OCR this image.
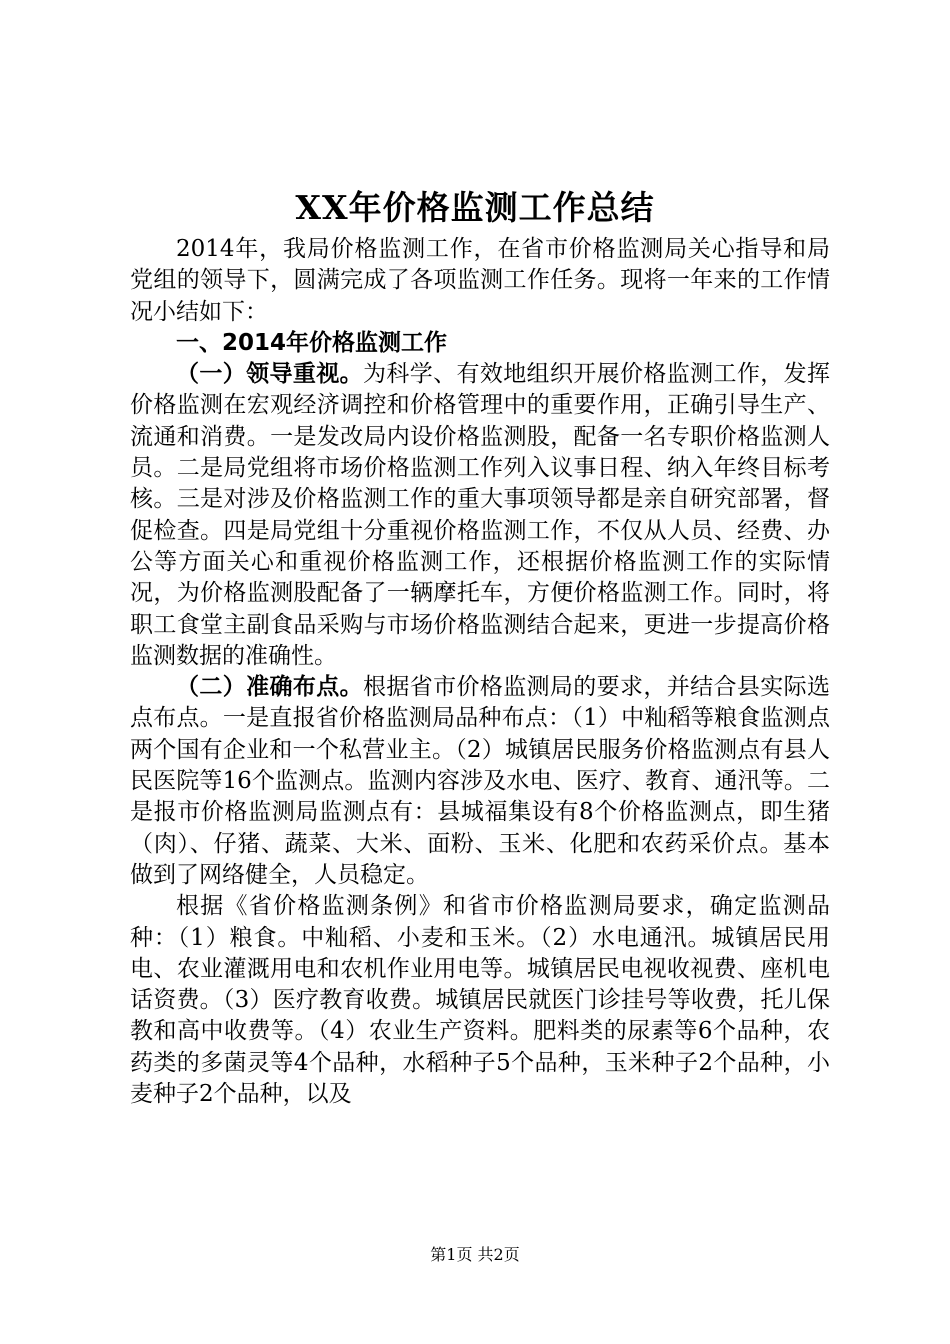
XX年价格监测工作总结

2014年，我局价格监测工作，在省市价格监测局关心指导和局党组的领导下，圆满完成了各项监测工作任务。现将一年来的工作情况小结如下：

一、2014年价格监测工作

（一）领导重视。为科学、有效地组织开展价格监测工作，发挥价格监测在宏观经济调控和价格管理中的重要作用，正确引导生产、流通和消费。一是发改局内设价格监测股，配备一名专职价格监测人员。二是局党组将市场价格监测工作列入议事日程、纳入年终目标考核。三是对涉及价格监测工作的重大事项领导都是亲自研究部署，督促检查。四是局党组十分重视价格监测工作，不仅从人员、经费、办公等方面关心和重视价格监测工作，还根据价格监测工作的实际情况，为价格监测股配备了一辆摩托车，方便价格监测工作。同时，将职工食堂主副食品采购与市场价格监测结合起来，更进一步提高价格监测数据的准确性。

（二）准确布点。根据省市价格监测局的要求，并结合县实际选点布点。一是直报省价格监测局品种布点：（1）中籼稻等粮食监测点两个国有企业和一个私营业主。（2）城镇居民服务价格监测点有县人民医院等16个监测点。监测内容涉及水电、医疗、教育、通汛等。二是报市价格监测局监测点有：县城福集设有8个价格监测点，即生猪（肉）、仔猪、蔬菜、大米、面粉、玉米、化肥和农药采价点。基本做到了网络健全，人员稳定。

根据《省价格监测条例》和省市价格监测局要求，确定监测品种：（1）粮食。中籼稻、小麦和玉米。（2）水电通汛。城镇居民用电、农业灌溉用电和农机作业用电等。城镇居民电视收视费、座机电话资费。（3）医疗教育收费。城镇居民就医门诊挂号等收费，托儿保教和高中收费等。（4）农业生产资料。肥料类的尿素等6个品种，农药类的多菌灵等4个品种，水稻种子5个品种，玉米种子2个品种，小麦种子2个品种，以及

第1页 共2页
